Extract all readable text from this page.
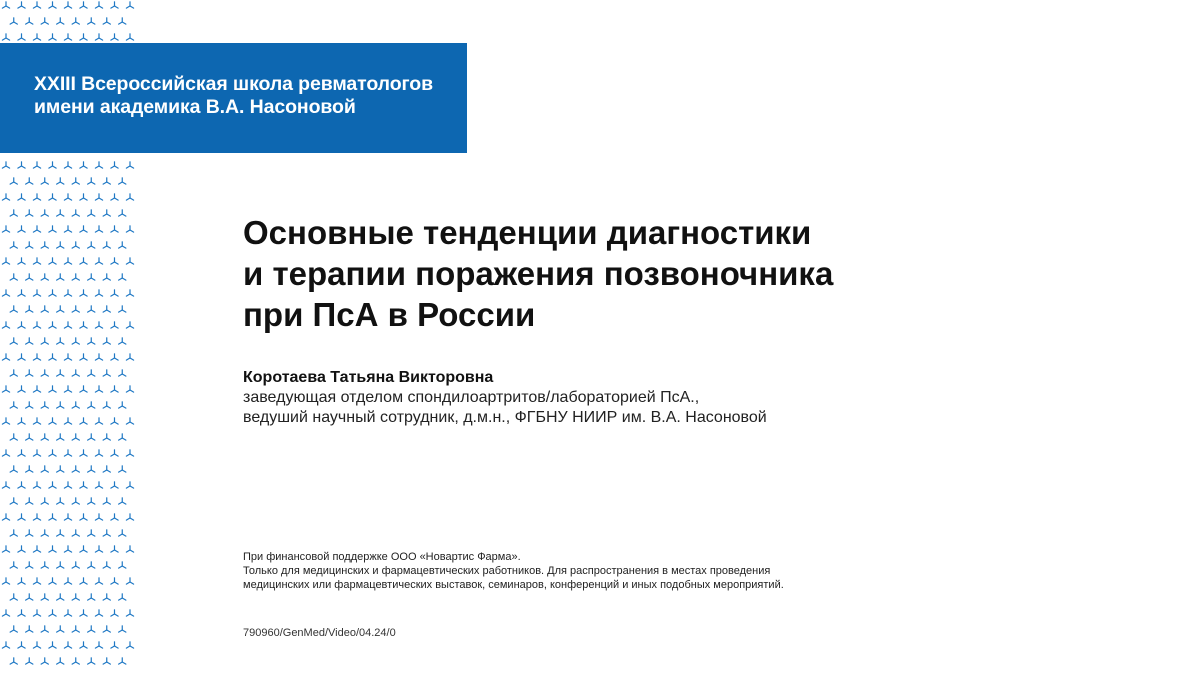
XXIII Всероссийская школа ревматологов
имени академика В.А. Насоновой
Основные тенденции диагностики
и терапии поражения позвоночника
при ПсА в России
Коротаева Татьяна Викторовна
заведующая отделом спондилоартритов/лабораторией ПсА.,
ведуший научный сотрудник, д.м.н., ФГБНУ НИИР им. В.А. Насоновой
При финансовой поддержке ООО «Новартис Фарма».
Только для медицинских и фармацевтических работников. Для распространения в местах проведения
медицинских или фармацевтических выставок, семинаров, конференций и иных подобных мероприятий.
790960/GenMed/Video/04.24/0
